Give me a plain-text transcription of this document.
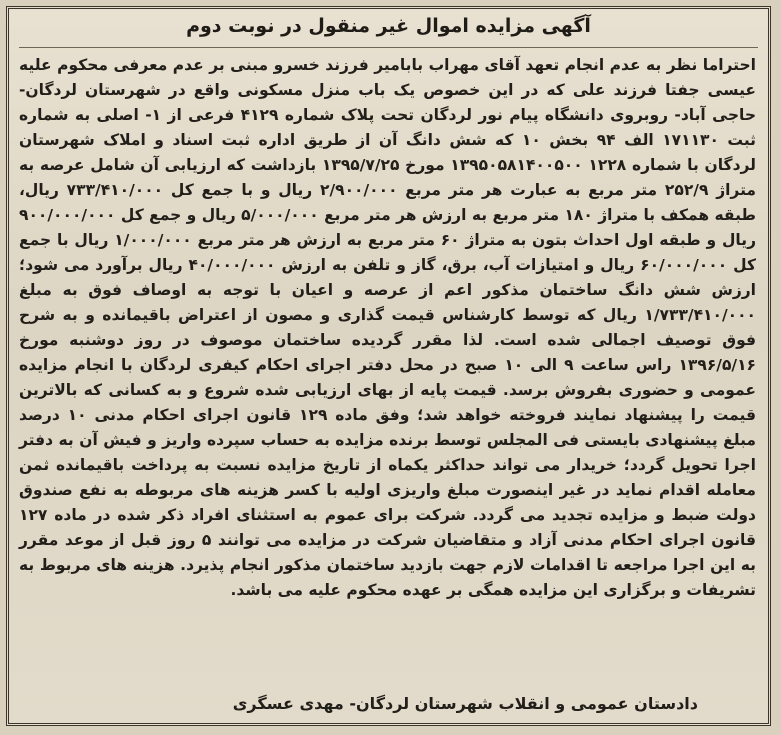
آگهی مزایده اموال غیر منقول در نوبت دوم

احتراما نظر به عدم انجام تعهد آقای مهراب بابامیر فرزند خسرو مبنی بر عدم معرفی محکوم علیه عیسی جفتا فرزند علی که در این خصوص یک باب منزل مسکونی واقع در شهرستان لردگان- حاجی آباد- روبروی دانشگاه پیام نور لردگان تحت پلاک شماره ۴۱۲۹ فرعی از ۱- اصلی به شماره ثبت ۱۷۱۱۳۰ الف ۹۴ بخش ۱۰ که شش دانگ آن از طریق اداره ثبت اسناد و املاک شهرستان لردگان با شماره ۱۲۲۸ ۱۳۹۵۰۵۸۱۴۰۰۵۰۰ مورخ ۱۳۹۵/۷/۲۵ بازداشت که ارزیابی آن شامل عرصه به متراژ ۲۵۲/۹ متر مربع به عبارت هر متر مربع ۲/۹۰۰/۰۰۰ ریال و با جمع کل ۷۳۳/۴۱۰/۰۰۰ ریال، طبقه همکف با متراژ ۱۸۰ متر مربع به ارزش هر متر مربع ۵/۰۰۰/۰۰۰ ریال و جمع کل ۹۰۰/۰۰۰/۰۰۰ ریال و طبقه اول احداث بتون به متراژ ۶۰ متر مربع به ارزش هر متر مربع ۱/۰۰۰/۰۰۰ ریال با جمع کل ۶۰/۰۰۰/۰۰۰ ریال و امتیازات آب، برق، گاز و تلفن به ارزش ۴۰/۰۰۰/۰۰۰ ریال برآورد می شود؛ ارزش شش دانگ ساختمان مذکور اعم از عرصه و اعیان با توجه به اوصاف فوق به مبلغ ۱/۷۳۳/۴۱۰/۰۰۰ ریال که توسط کارشناس قیمت گذاری و مصون از اعتراض باقیمانده و به شرح فوق توصیف اجمالی شده است. لذا مقرر گردیده ساختمان موصوف در روز دوشنبه مورخ ۱۳۹۶/۵/۱۶ راس ساعت ۹ الی ۱۰ صبح در محل دفتر اجرای احکام کیفری لردگان با انجام مزایده عمومی و حضوری بفروش برسد. قیمت پایه از بهای ارزیابی شده شروع و به کسانی که بالاترین قیمت را پیشنهاد نمایند فروخته خواهد شد؛ وفق ماده ۱۲۹ قانون اجرای احکام مدنی ۱۰ درصد مبلغ پیشنهادی بایستی فی المجلس توسط برنده مزایده به حساب سپرده واریز و فیش آن به دفتر اجرا تحویل گردد؛ خریدار می تواند حداکثر یکماه از تاریخ مزایده نسبت به پرداخت باقیمانده ثمن معامله اقدام نماید در غیر اینصورت مبلغ واریزی اولیه با کسر هزینه های مربوطه به نفع صندوق دولت ضبط و مزایده تجدید می گردد. شرکت برای عموم به استثنای افراد ذکر شده در ماده ۱۲۷ قانون اجرای احکام مدنی آزاد و متقاضیان شرکت در مزایده می توانند ۵ روز قبل از موعد مقرر به این اجرا مراجعه تا اقدامات لازم جهت بازدید ساختمان مذکور انجام پذیرد. هزینه های مربوط به تشریفات و برگزاری این مزایده همگی بر عهده محکوم علیه می باشد.

دادستان عمومی و انقلاب شهرستان لردگان- مهدی عسگری
